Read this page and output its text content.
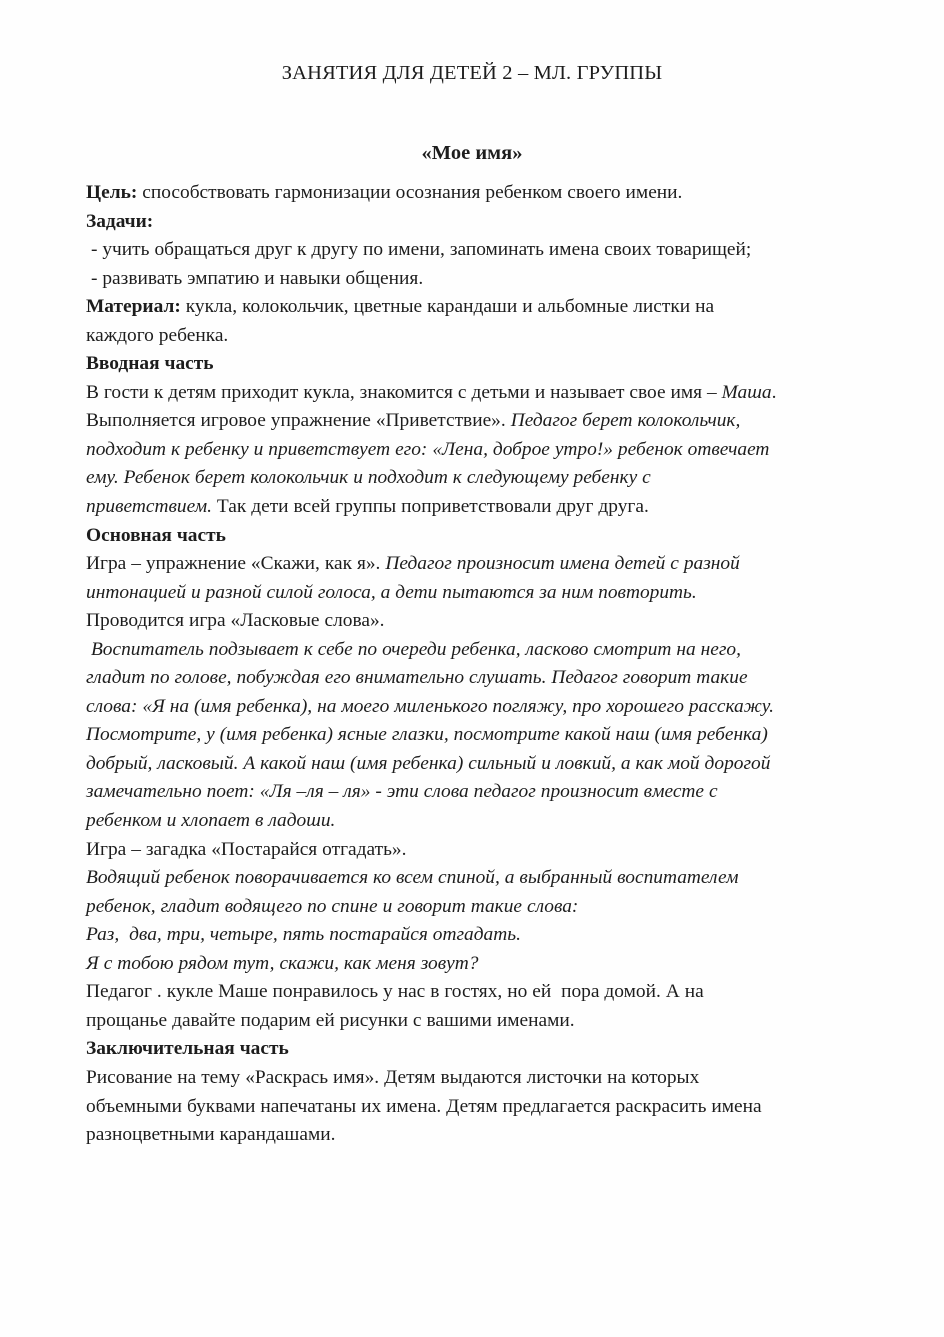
ЗАНЯТИЯ ДЛЯ ДЕТЕЙ 2 – МЛ. ГРУППЫ
«Мое имя»
Цель: способствовать гармонизации осознания ребенком своего имени.
Задачи:
- учить обращаться друг к другу по имени, запоминать имена своих товарищей;
- развивать эмпатию и навыки общения.
Материал: кукла, колокольчик, цветные карандаши и альбомные листки на
каждого ребенка.
Вводная часть
В гости к детям приходит кукла, знакомится с детьми и называет свое имя – Маша.
Выполняется игровое упражнение «Приветствие». Педагог берет колокольчик,
подходит к ребенку и приветствует его: «Лена, доброе утро!» ребенок отвечает
ему. Ребенок берет колокольчик и подходит к следующему ребенку с
приветствием. Так дети всей группы поприветствовали друг друга.
Основная часть
Игра – упражнение «Скажи, как я». Педагог произносит имена детей с разной
интонацией и разной силой голоса, а дети пытаются за ним повторить.
Проводится игра «Ласковые слова».
Воспитатель подзывает к себе по очереди ребенка, ласково смотрит на него,
гладит по голове, побуждая его внимательно слушать. Педагог говорит такие
слова: «Я на (имя ребенка), на моего миленького погляжу, про хорошего расскажу.
Посмотрите, у (имя ребенка) ясные глазки, посмотрите какой наш (имя ребенка)
добрый, ласковый. А какой наш (имя ребенка) сильный и ловкий, а как мой дорогой
замечательно поет: «Ля –ля – ля» - эти слова педагог произносит вместе с
ребенком и хлопает в ладоши.
Игра – загадка «Постарайся отгадать».
Водящий ребенок поворачивается ко всем спиной, а выбранный воспитателем
ребенок, гладит водящего по спине и говорит такие слова:
Раз,  два, три, четыре, пять постарайся отгадать.
Я с тобою рядом тут, скажи, как меня зовут?
Педагог . кукле Маше понравилось у нас в гостях, но ей  пора домой. А на
прощанье давайте подарим ей рисунки с вашими именами.
Заключительная часть
Рисование на тему «Раскрась имя». Детям выдаются листочки на которых
объемными буквами напечатаны их имена. Детям предлагается раскрасить имена
разноцветными карандашами.
